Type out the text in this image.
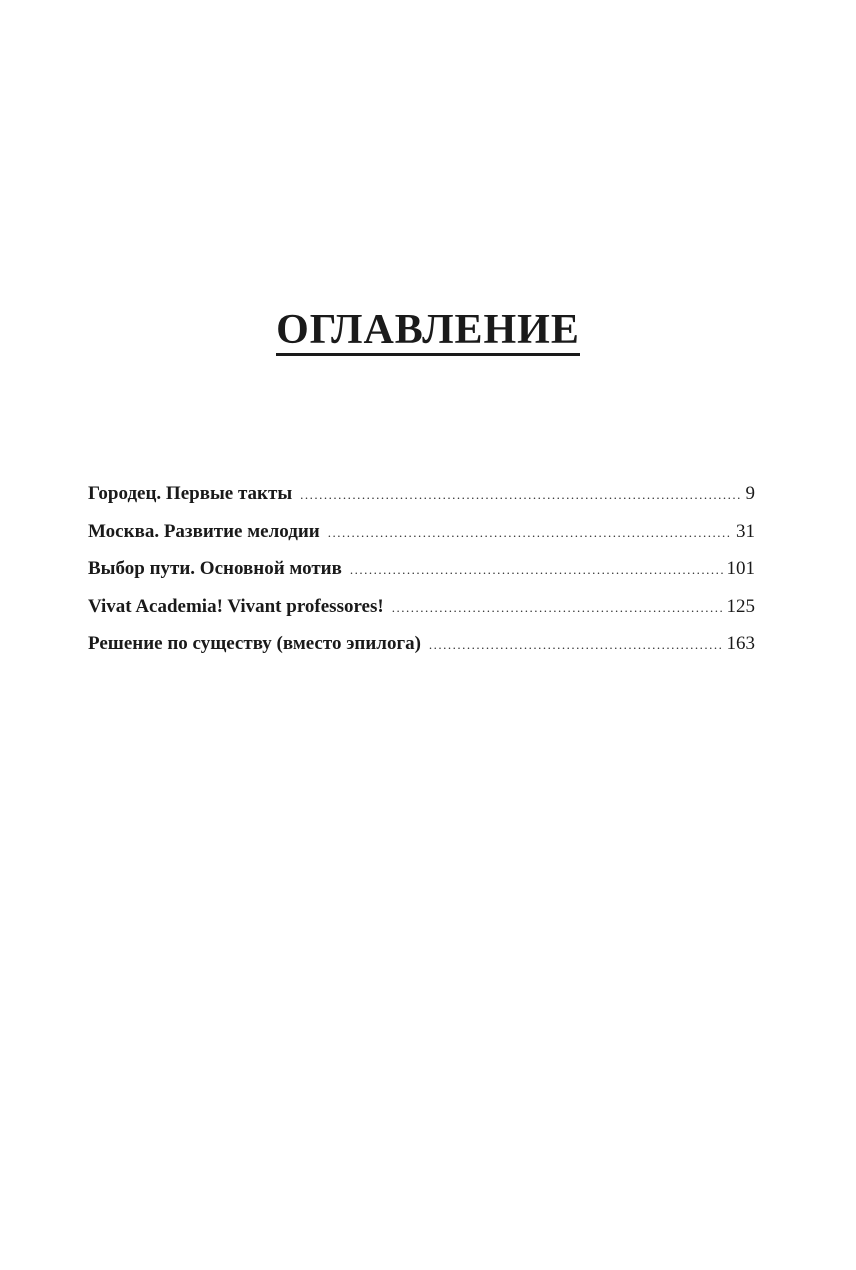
ОГЛАВЛЕНИЕ
Городец. Первые такты .....	9
Москва. Развитие мелодии .....	31
Выбор пути. Основной мотив .....	101
Vivat Academia! Vivant professores! .....	125
Решение по существу (вместо эпилога) .....	163
